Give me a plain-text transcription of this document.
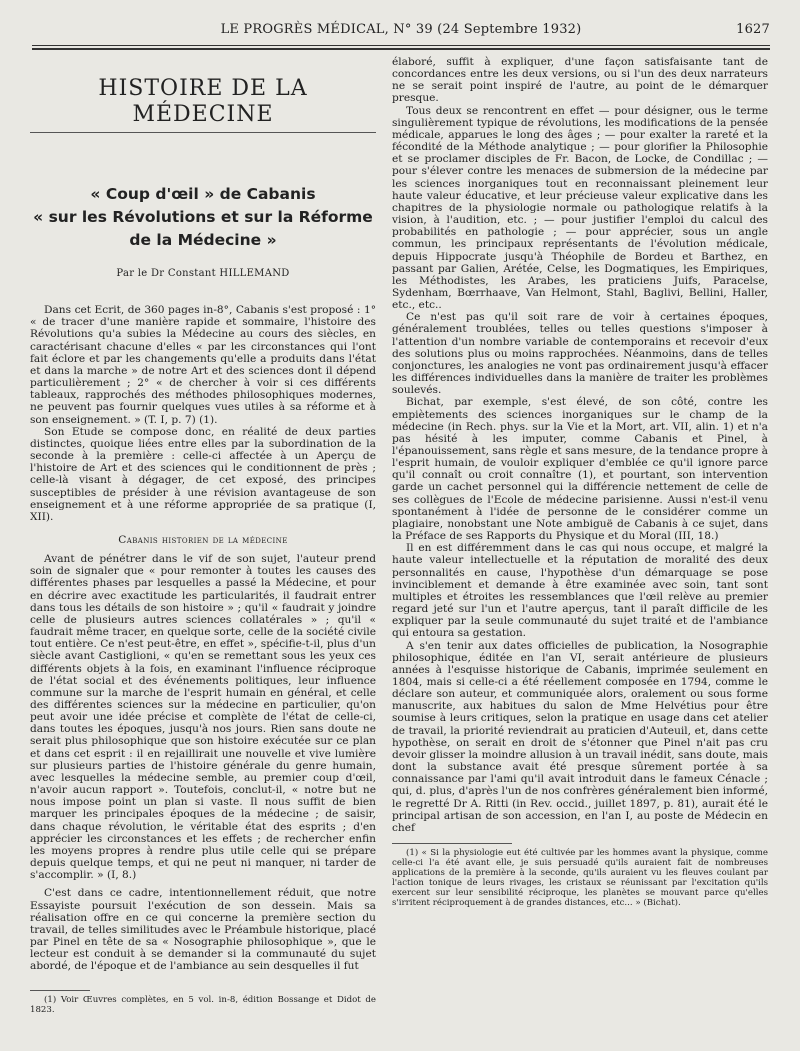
LE PROGRÈS MÉDICAL, N° 39 (24 Septembre 1932)	1627
HISTOIRE DE LA MÉDECINE
« Coup d'œil » de Cabanis
« sur les Révolutions et sur la Réforme
de la Médecine »
Par le Dr Constant HILLEMAND

Dans cet Ecrit, de 360 pages in-8°, Cabanis s'est proposé : 1° « de tracer d'une manière rapide et sommaire, l'histoire des Révolutions qu'a subies la Médecine au cours des siècles, en caractérisant chacune d'elles « par les circonstances qui l'ont fait éclore et par les changements qu'elle a produits dans l'état et dans la marche » de notre Art et des sciences dont il dépend particulièrement ; 2° « de chercher à voir si ces différents tableaux, rapprochés des méthodes philosophiques modernes, ne peuvent pas fournir quelques vues utiles à sa réforme et à son enseignement. » (T. I, p. 7) (1).

Son Etude se compose donc, en réalité de deux parties distinctes, quoique liées entre elles par la subordination de la seconde à la première : celle-ci affectée à un Aperçu de l'histoire de Art et des sciences qui le conditionnent de près ; celle-là visant à dégager, de cet exposé, des principes susceptibles de présider à une révision avantageuse de son enseignement et à une réforme appropriée de sa pratique (I, XII).

Cabanis historien de la médecine

Avant de pénétrer dans le vif de son sujet, l'auteur prend soin de signaler que « pour remonter à toutes les causes des différentes phases par lesquelles a passé la Médecine, et pour en décrire avec exactitude les particularités, il faudrait entrer dans tous les détails de son histoire » ; qu'il « faudrait y joindre celle de plusieurs autres sciences collatérales » ; qu'il « faudrait même tracer, en quelque sorte, celle de la société civile tout entière. Ce n'est peut-être, en effet », spécifie-t-il, plus d'un siècle avant Castiglioni, « qu'en se remettant sous les yeux ces différents objets à la fois, en examinant l'influence réciproque de l'état social et des événements politiques, leur influence commune sur la marche de l'esprit humain en général, et celle des différentes sciences sur la médecine en particulier, qu'on peut avoir une idée précise et complète de l'état de celle-ci, dans toutes les époques, jusqu'à nos jours. Rien sans doute ne serait plus philosophique que son histoire exécutée sur ce plan et dans cet esprit : il en rejaillirait une nouvelle et vive lumière sur plusieurs parties de l'histoire générale du genre humain, avec lesquelles la médecine semble, au premier coup d'œil, n'avoir aucun rapport ». Toutefois, conclut-il, « notre but ne nous impose point un plan si vaste. Il nous suffit de bien marquer les principales époques de la médecine ; de saisir, dans chaque révolution, le véritable état des esprits ; d'en apprécier les circonstances et les effets ; de rechercher enfin les moyens propres à rendre plus utile celle qui se prépare depuis quelque temps, et qui ne peut ni manquer, ni tarder de s'accomplir. » (I, 8.)

C'est dans ce cadre, intentionnellement réduit, que notre Essayiste poursuit l'exécution de son dessein. Mais sa réalisation offre en ce qui concerne la première section du travail, de telles similitudes avec le Préambule historique, placé par Pinel en tête de sa « Nosographie philosophique », que le lecteur est conduit à se demander si la communauté du sujet abordé, de l'époque et de l'ambiance au sein desquelles il fut

(1) Voir Œuvres complètes, en 5 vol. in-8, édition Bossange et Didot de 1823.

élaboré, suffit à expliquer, d'une façon satisfaisante tant de concordances entre les deux versions, ou si l'un des deux narrateurs ne se serait point inspiré de l'autre, au point de le démarquer presque.

Tous deux se rencontrent en effet — pour désigner, ous le terme singulièrement typique de révolutions, les modifications de la pensée médicale, apparues le long des âges ; — pour exalter la rareté et la fécondité de la Méthode analytique ; — pour glorifier la Philosophie et se proclamer disciples de Fr. Bacon, de Locke, de Condillac ; — pour s'élever contre les menaces de submersion de la médecine par les sciences inorganiques tout en reconnaissant pleinement leur haute valeur éducative, et leur précieuse valeur explicative dans les chapitres de la physiologie normale ou pathologique relatifs à la vision, à l'audition, etc. ; — pour justifier l'emploi du calcul des probabilités en pathologie ; — pour apprécier, sous un angle commun, les principaux représentants de l'évolution médicale, depuis Hippocrate jusqu'à Théophile de Bordeu et Barthez, en passant par Galien, Arétée, Celse, les Dogmatiques, les Empiriques, les Méthodistes, les Arabes, les praticiens Juifs, Paracelse, Sydenham, Bœrrhaave, Van Helmont, Stahl, Baglivi, Bellini, Haller, etc., etc..

Ce n'est pas qu'il soit rare de voir à certaines époques, généralement troublées, telles ou telles questions s'imposer à l'attention d'un nombre variable de contemporains et recevoir d'eux des solutions plus ou moins rapprochées. Néanmoins, dans de telles conjonctures, les analogies ne vont pas ordinairement jusqu'à effacer les différences individuelles dans la manière de traiter les problèmes soulevés.

Bichat, par exemple, s'est élevé, de son côté, contre les empiètements des sciences inorganiques sur le champ de la médecine (in Rech. phys. sur la Vie et la Mort, art. VII, alin. 1) et n'a pas hésité à les imputer, comme Cabanis et Pinel, à l'épanouissement, sans règle et sans mesure, de la tendance propre à l'esprit humain, de vouloir expliquer d'emblée ce qu'il ignore parce qu'il connaît ou croit connaître (1), et pourtant, son intervention garde un cachet personnel qui la différencie nettement de celle de ses collègues de l'Ecole de médecine parisienne. Aussi n'est-il venu spontanément à l'idée de personne de le considérer comme un plagiaire, nonobstant une Note ambiguë de Cabanis à ce sujet, dans la Préface de ses Rapports du Physique et du Moral (III, 18.)

Il en est différemment dans le cas qui nous occupe, et malgré la haute valeur intellectuelle et la réputation de moralité des deux personnalités en cause, l'hypothèse d'un démarquage se pose invinciblement et demande à être examinée avec soin, tant sont multiples et étroites les ressemblances que l'œil relève au premier regard jeté sur l'un et l'autre aperçus, tant il paraît difficile de les expliquer par la seule communauté du sujet traité et de l'ambiance qui entoura sa gestation.

A s'en tenir aux dates officielles de publication, la Nosographie philosophique, éditée en l'an VI, serait antérieure de plusieurs années à l'esquisse historique de Cabanis, imprimée seulement en 1804, mais si celle-ci a été réellement composée en 1794, comme le déclare son auteur, et communiquée alors, oralement ou sous forme manuscrite, aux habitues du salon de Mme Helvétius pour être soumise à leurs critiques, selon la pratique en usage dans cet atelier de travail, la priorité reviendrait au praticien d'Auteuil, et, dans cette hypothèse, on serait en droit de s'étonner que Pinel n'ait pas cru devoir glisser la moindre allusion à un travail inédit, sans doute, mais dont la substance avait été presque sûrement portée à sa connaissance par l'ami qu'il avait introduit dans le fameux Cénacle ; qui, d. plus, d'après l'un de nos confrères généralement bien informé, le regretté Dr A. Ritti (in Rev. occid., juillet 1897, p. 81), aurait été le principal artisan de son accession, en l'an I, au poste de Médecin en chef

(1) « Si la physiologie eut été cultivée par les hommes avant la physique, comme celle-ci l'a été avant elle, je suis persuadé qu'ils auraient fait de nombreuses applications de la première à la seconde, qu'ils auraient vu les fleuves coulant par l'action tonique de leurs rivages, les cristaux se réunissant par l'excitation qu'ils exercent sur leur sensibilité réciproque, les planètes se mouvant parce qu'elles s'irritent réciproquement à de grandes distances, etc... » (Bichat).
